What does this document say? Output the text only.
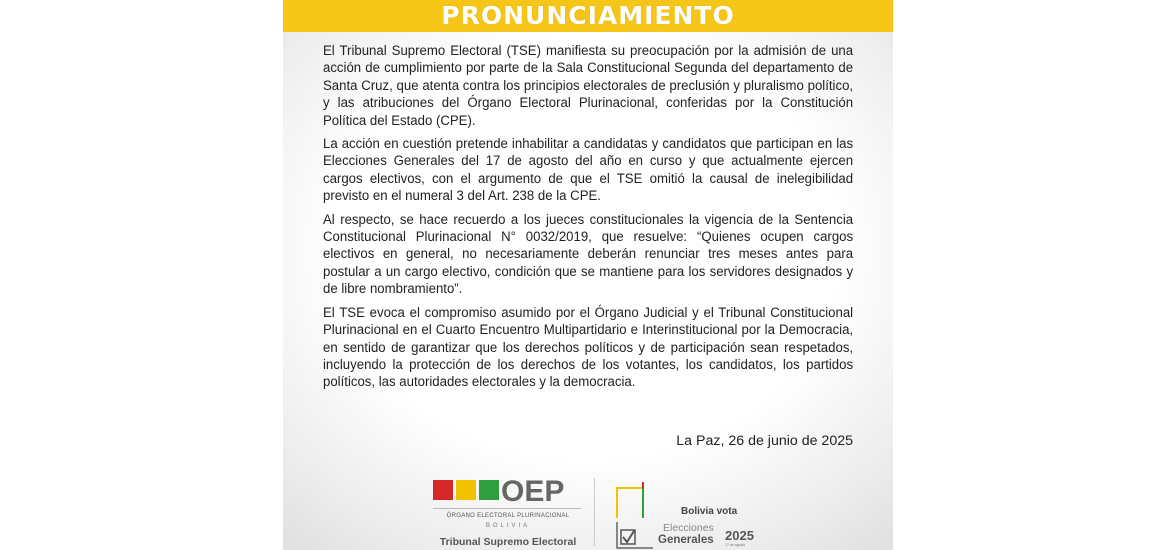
PRONUNCIAMIENTO

El Tribunal Supremo Electoral (TSE) manifiesta su preocupación por la admisión de una acción de cumplimiento por parte de la Sala Constitucional Segunda del departamento de Santa Cruz, que atenta contra los principios electorales de preclusión y pluralismo político, y las atribuciones del Órgano Electoral Plurinacional, conferidas por la Constitución Política del Estado (CPE).

La acción en cuestión pretende inhabilitar a candidatas y candidatos que participan en las Elecciones Generales del 17 de agosto del año en curso y que actualmente ejercen cargos electivos, con el argumento de que el TSE omitió la causal de inelegibilidad previsto en el numeral 3 del Art. 238 de la CPE.

Al respecto, se hace recuerdo a los jueces constitucionales la vigencia de la Sentencia Constitucional Plurinacional N° 0032/2019, que resuelve: “Quienes ocupen cargos electivos en general, no necesariamente deberán renunciar tres meses antes para postular a un cargo electivo, condición que se mantiene para los servidores designados y de libre nombramiento”.

El TSE evoca el compromiso asumido por el Órgano Judicial y el Tribunal Constitucional Plurinacional en el Cuarto Encuentro Multipartidario e Interinstitucional por la Democracia, en sentido de garantizar que los derechos políticos y de participación sean respetados, incluyendo la protección de los derechos de los votantes, los candidatos, los partidos políticos, las autoridades electorales y la democracia.

La Paz, 26 de junio de 2025
OEP
ÓRGANO ELECTORAL PLURINACIONAL
BOLIVIA
Tribunal Supremo Electoral
Bolivia vota
Elecciones
Generales 2025
17 de agosto
